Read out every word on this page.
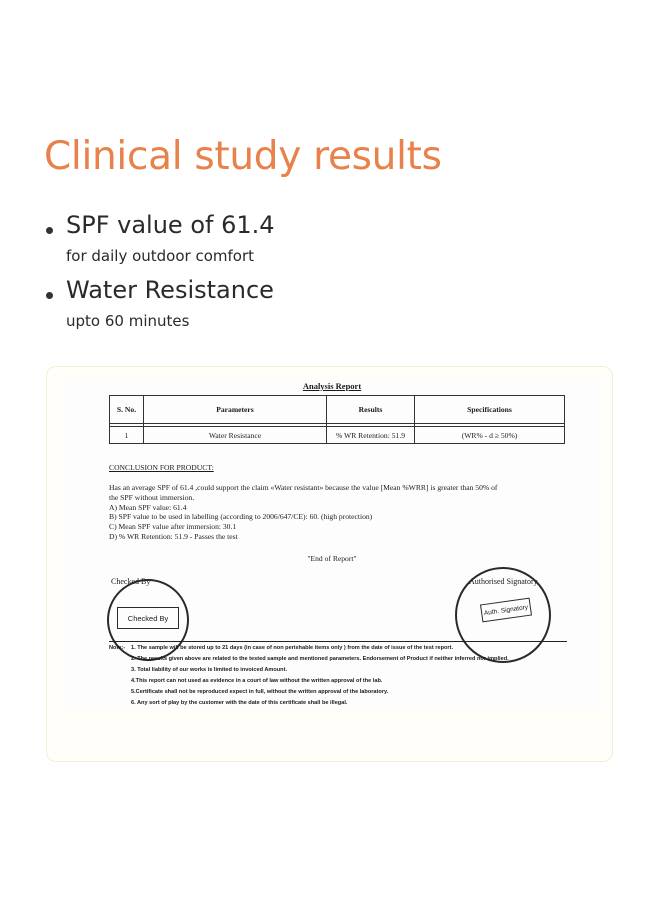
Clinical study results
SPF value of 61.4
for daily outdoor comfort
Water Resistance
upto 60 minutes
Analysis Report
S. No.	Parameters	Results	Specifications

1	Water Resistance	% WR Retention: 51.9	(WR% - d ≥ 50%)
CONCLUSION FOR PRODUCT:
Has an average SPF of 61.4 ,could support the claim «Water resistant» because the value [Mean %WRR] is greater than 50% of
the SPF without immersion.
A) Mean SPF value: 61.4
B) SPF value to be used in labelling (according to 2006/647/CE): 60. (high protection)
C) Mean SPF value after immersion: 30.1
D) % WR Retention: 51.9 - Passes the test
"End of Report"
Checked By	Authorised Signatory
Checked By
Auth. Signatory
Note:- 1. The sample will be stored up to 21 days (in case of non perishable items only ) from the date of issue of the test report.
2. The results given above are related to the tested sample and mentioned parameters. Endorsement of Product if neither inferred nor implied.
3. Total liability of our works is limited to invoiced Amount.
4.This report can not used as evidence in a court of law without the written approval of the lab.
5.Certificate shall not be reproduced expect in full, without the written approval of the laboratory.
6. Any sort of play by the customer with the date of this certificate shall be illegal.
